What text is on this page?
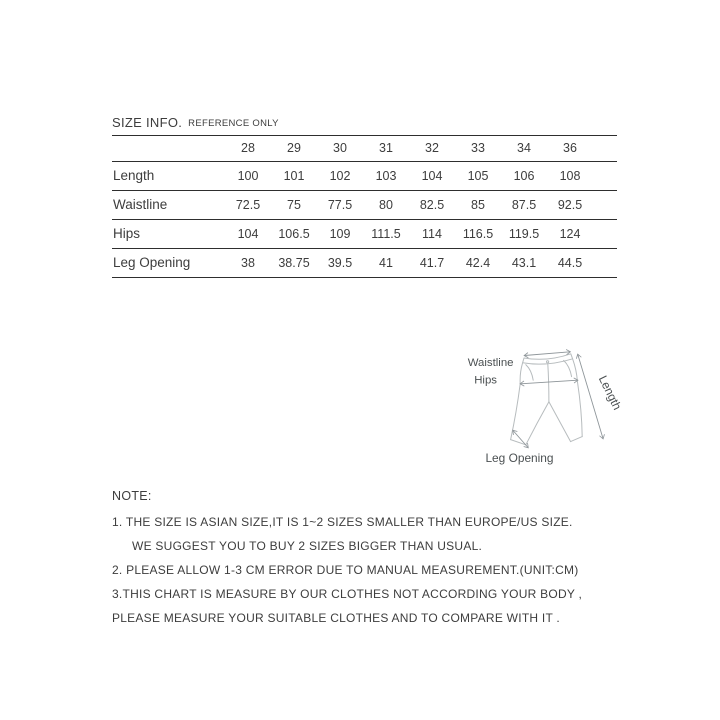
SIZE INFO. REFERENCE ONLY
28	29	30	31	32	33	34	36
Length	100	101	102	103	104	105	106	108
Waistline	72.5	75	77.5	80	82.5	85	87.5	92.5
Hips	104	106.5	109	111.5	114	116.5	119.5	124
Leg Opening	38	38.75	39.5	41	41.7	42.4	43.1	44.5
Waistline
Hips	Length
Leg Opening
NOTE:
1. THE SIZE IS ASIAN SIZE,IT IS 1~2 SIZES SMALLER THAN EUROPE/US SIZE.
WE SUGGEST YOU TO BUY 2 SIZES BIGGER THAN USUAL.
2. PLEASE ALLOW 1-3 CM ERROR DUE TO MANUAL MEASUREMENT.(UNIT:CM)
3.THIS CHART IS MEASURE BY OUR CLOTHES NOT ACCORDING YOUR BODY ,
PLEASE MEASURE YOUR SUITABLE CLOTHES AND TO COMPARE WITH IT .
